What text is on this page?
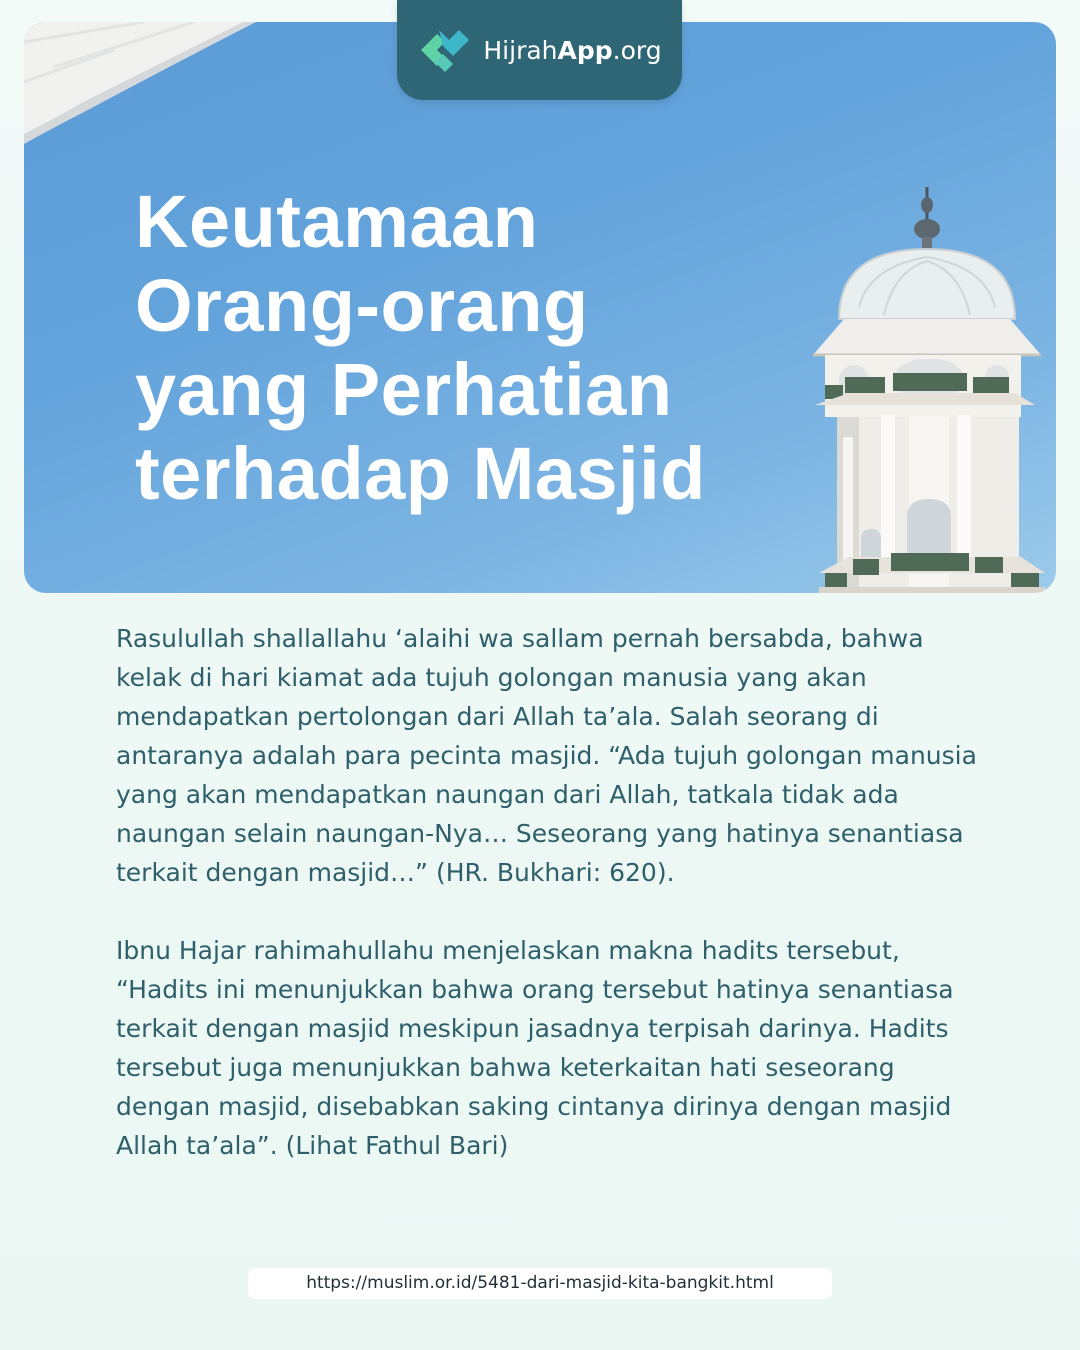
Keutamaan Orang-orang yang Perhatian terhadap Masjid
HijrahApp.org

Rasulullah shallallahu ‘alaihi wa sallam pernah bersabda, bahwa kelak di hari kiamat ada tujuh golongan manusia yang akan mendapatkan pertolongan dari Allah ta’ala. Salah seorang di antaranya adalah para pecinta masjid. “Ada tujuh golongan manusia yang akan mendapatkan naungan dari Allah, tatkala tidak ada naungan selain naungan-Nya… Seseorang yang hatinya senantiasa terkait dengan masjid…” (HR. Bukhari: 620).

Ibnu Hajar rahimahullahu menjelaskan makna hadits tersebut, “Hadits ini menunjukkan bahwa orang tersebut hatinya senantiasa terkait dengan masjid meskipun jasadnya terpisah darinya. Hadits tersebut juga menunjukkan bahwa keterkaitan hati seseorang dengan masjid, disebabkan saking cintanya dirinya dengan masjid Allah ta’ala”. (Lihat Fathul Bari)

https://muslim.or.id/5481-dari-masjid-kita-bangkit.html
